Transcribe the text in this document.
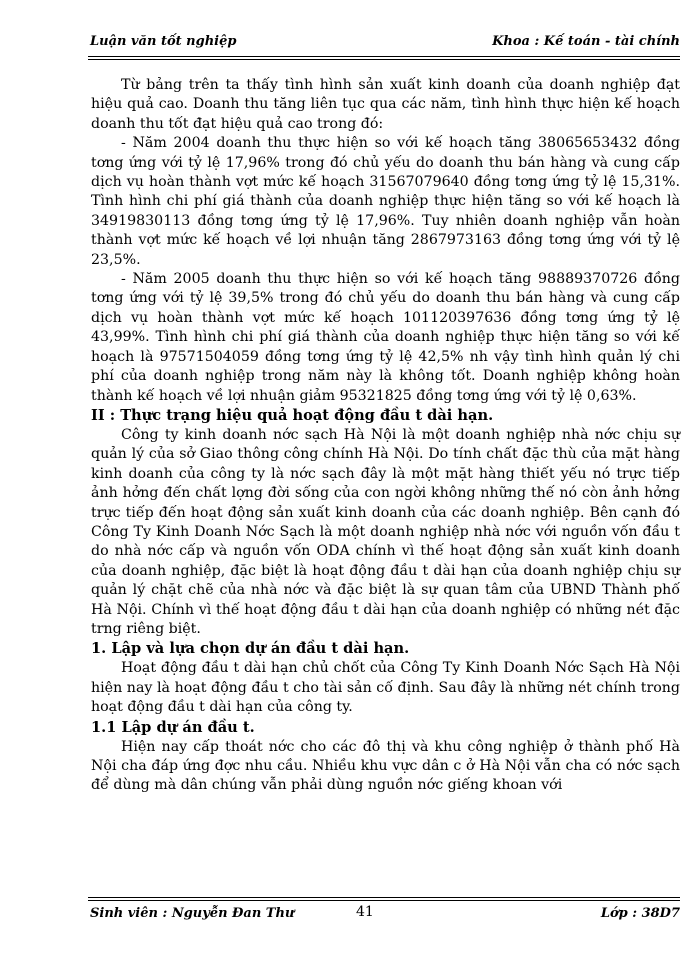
Luận văn tốt nghiệp	Khoa : Kế toán - tài chính

Từ bảng trên ta thấy tình hình sản xuất kinh doanh của doanh nghiệp đạt hiệu quả cao. Doanh thu tăng liên tục qua các năm, tình hình thực hiện kế hoạch doanh thu tốt đạt hiệu quả cao trong đó:

- Năm 2004 doanh thu thực hiện so với kế hoạch tăng 38065653432 đồng tơng ứng với tỷ lệ 17,96% trong đó chủ yếu do doanh thu bán hàng và cung cấp dịch vụ hoàn thành vợt mức kế hoạch 31567079640 đồng tơng ứng tỷ lệ 15,31%. Tình hình chi phí giá thành của doanh nghiệp thực hiện tăng so với kế hoạch là 34919830113 đồng tơng ứng tỷ lệ 17,96%. Tuy nhiên doanh nghiệp vẫn hoàn thành vợt mức kế hoạch về lợi nhuận tăng 2867973163 đồng tơng ứng với tỷ lệ 23,5%.

- Năm 2005 doanh thu thực hiện so với kế hoạch tăng 98889370726 đồng tơng ứng với tỷ lệ 39,5% trong đó chủ yếu do doanh thu bán hàng và cung cấp dịch vụ hoàn thành vợt mức kế hoạch 101120397636 đồng tơng ứng tỷ lệ 43,99%. Tình hình chi phí giá thành của doanh nghiệp thực hiện tăng so với kế hoạch là 97571504059 đồng tơng ứng tỷ lệ 42,5% nh vậy tình hình quản lý chi phí của doanh nghiệp trong năm này là không tốt. Doanh nghiệp không hoàn thành kế hoạch về lợi nhuận giảm 95321825 đồng tơng ứng với tỷ lệ 0,63%.

II : Thực trạng hiệu quả hoạt động đầu t dài hạn.

Công ty kinh doanh nớc sạch Hà Nội là một doanh nghiệp nhà nớc chịu sự quản lý của sở Giao thông công chính Hà Nội. Do tính chất đặc thù của mặt hàng kinh doanh của công ty là nớc sạch đây là một mặt hàng thiết yếu nó trực tiếp ảnh hởng đến chất lợng đời sống của con ngời không những thế nó còn ảnh hởng trực tiếp đến hoạt động sản xuất kinh doanh của các doanh nghiệp. Bên cạnh đó Công Ty Kinh Doanh Nớc Sạch là một doanh nghiệp nhà nớc với nguồn vốn đầu t do nhà nớc cấp và nguồn vốn ODA chính vì thế hoạt động sản xuất kinh doanh của doanh nghiệp, đặc biệt là hoạt động đầu t dài hạn của doanh nghiệp chịu sự quản lý chặt chẽ của nhà nớc và đặc biệt là sự quan tâm của UBND Thành phố Hà Nội. Chính vì thế hoạt động đầu t dài hạn của doanh nghiệp có những nét đặc trng riêng biệt.

1. Lập và lựa chọn dự án đầu t dài hạn.

Hoạt động đầu t dài hạn chủ chốt của Công Ty Kinh Doanh Nớc Sạch Hà Nội hiện nay là hoạt động đầu t cho tài sản cố định. Sau đây là những nét chính trong hoạt động đầu t dài hạn của công ty.

1.1 Lập dự án đầu t.

Hiện nay cấp thoát nớc cho các đô thị và khu công nghiệp ở thành phố Hà Nội cha đáp ứng đợc nhu cầu. Nhiều khu vực dân c ở Hà Nội vẫn cha có nớc sạch để dùng mà dân chúng vẫn phải dùng nguồn nớc giếng khoan với

Sinh viên : Nguyễn Đan Thư	41	Lớp : 38D7
